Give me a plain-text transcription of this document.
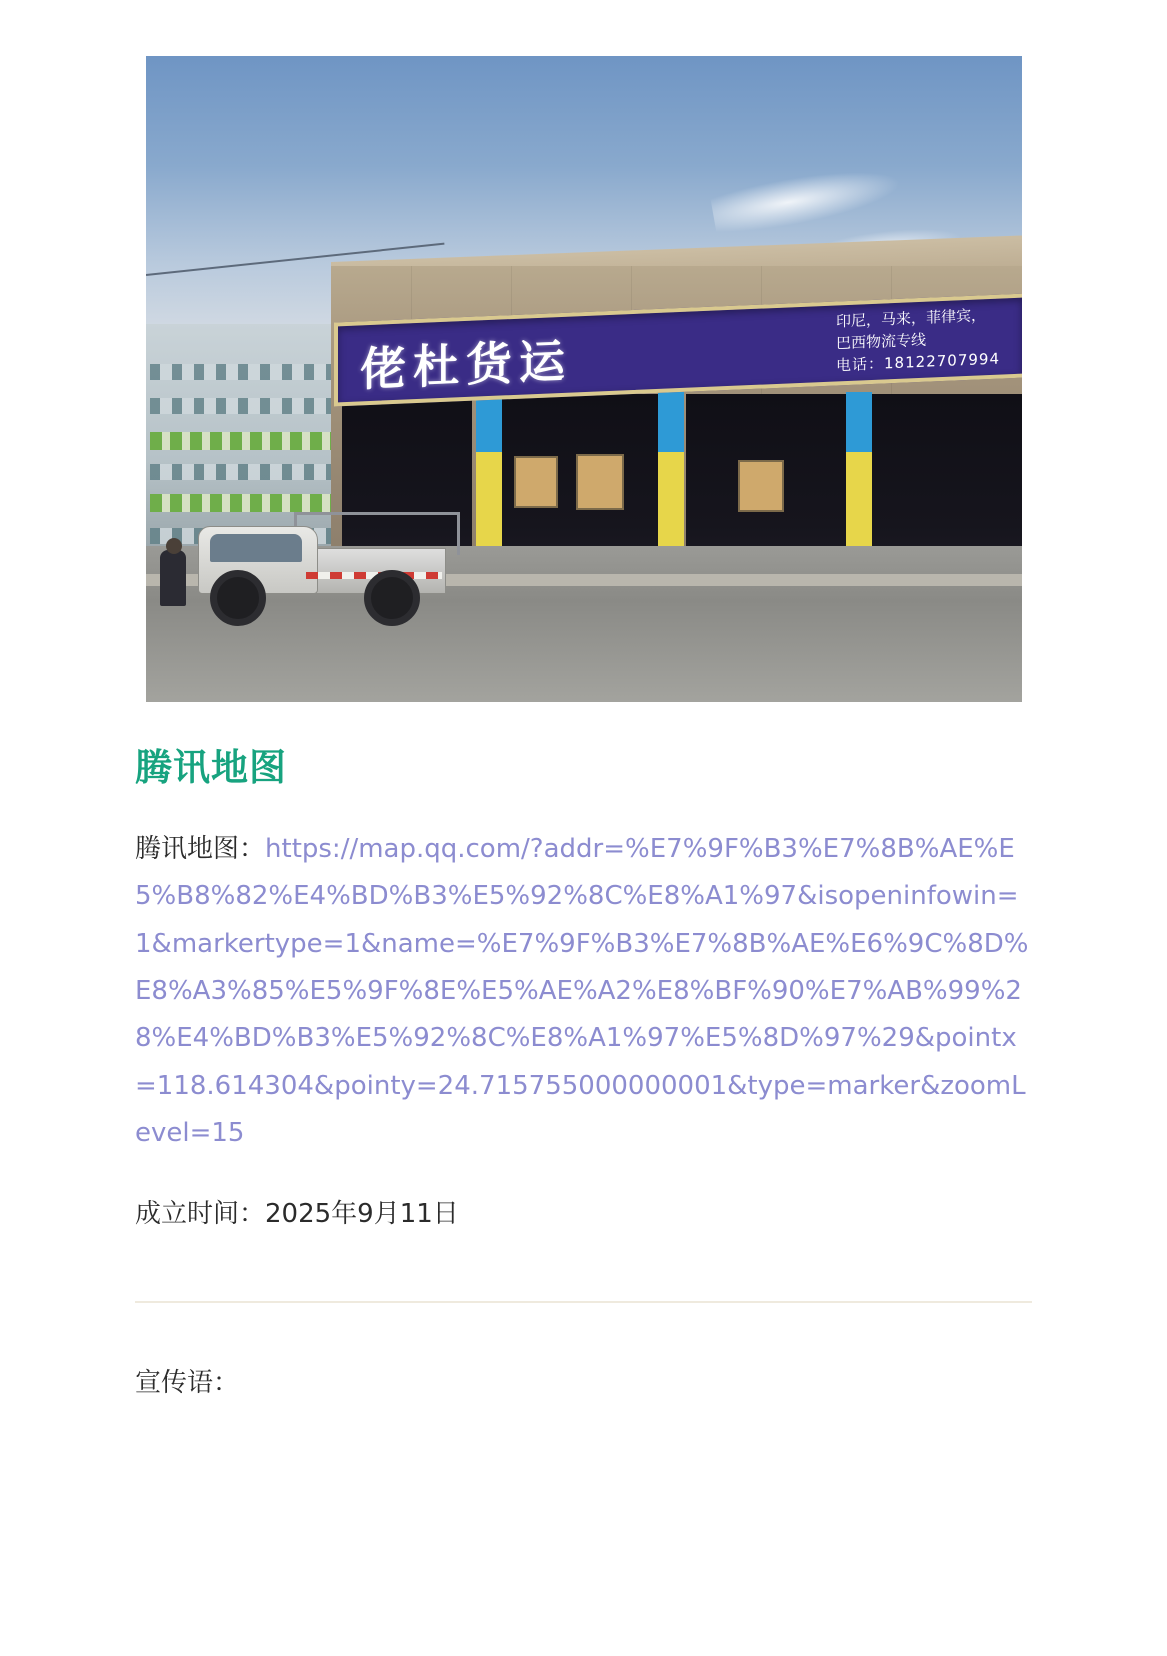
佬杜货运
印尼，马来，菲律宾，
巴西物流专线
电话：18122707994
腾讯地图

腾讯地图：https://map.qq.com/?addr=%E7%9F%B3%E7%8B%AE%E5%B8%82%E4%BD%B3%E5%92%8C%E8%A1%97&isopeninfowin=1&markertype=1&name=%E7%9F%B3%E7%8B%AE%E6%9C%8D%E8%A3%85%E5%9F%8E%E5%AE%A2%E8%BF%90%E7%AB%99%28%E4%BD%B3%E5%92%8C%E8%A1%97%E5%8D%97%29&pointx=118.614304&pointy=24.715755000000001&type=marker&zoomLevel=15

成立时间：2025年9月11日

宣传语：
